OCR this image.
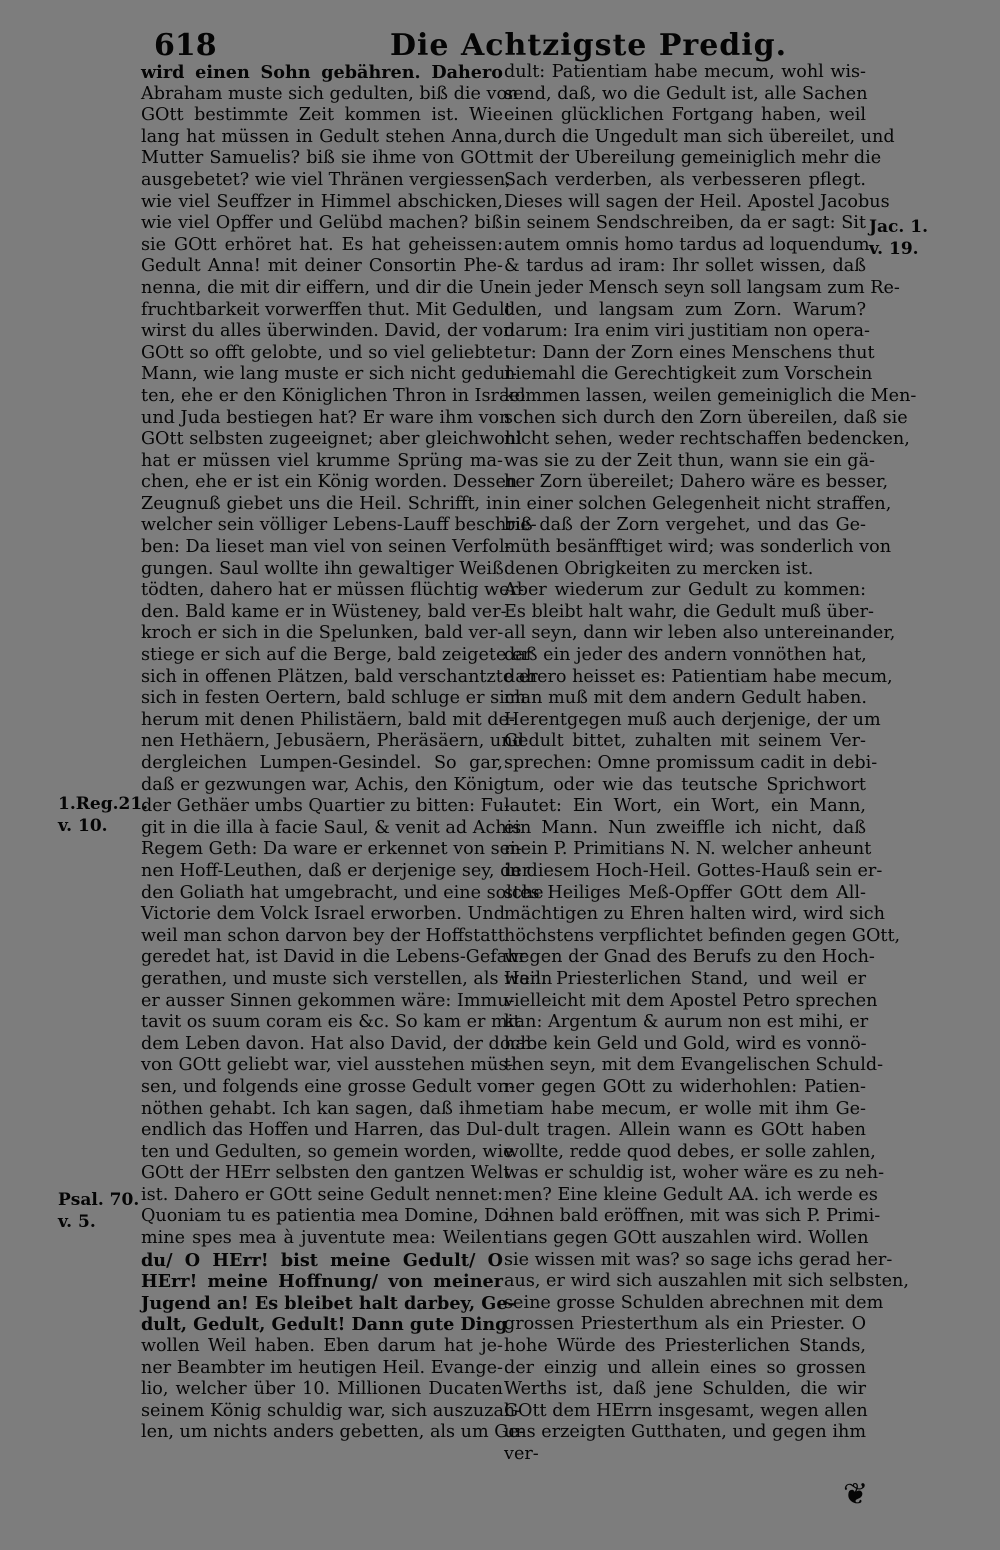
618	Die Achtzigste Predig.
wird einen Sohn gebähren. Dahero
Abraham muste sich gedulten, biß die von
GOtt bestimmte Zeit kommen ist. Wie
lang hat müssen in Gedult stehen Anna,
Mutter Samuelis? biß sie ihme von GOtt
ausgebetet? wie viel Thränen vergiessen,
wie viel Seuffzer in Himmel abschicken,
wie viel Opffer und Gelübd machen? biß
sie GOtt erhöret hat. Es hat geheissen:
Gedult Anna! mit deiner Consortin Phe-
nenna, die mit dir eiffern, und dir die Un-
fruchtbarkeit vorwerffen thut. Mit Gedult
wirst du alles überwinden. David, der von
GOtt so offt gelobte, und so viel geliebte
Mann, wie lang muste er sich nicht gedul-
ten, ehe er den Königlichen Thron in Israel
und Juda bestiegen hat? Er ware ihm von
GOtt selbsten zugeeignet; aber gleichwohl
hat er müssen viel krumme Sprüng ma-
chen, ehe er ist ein König worden. Dessen
Zeugnuß giebet uns die Heil. Schrifft, in
welcher sein völliger Lebens-Lauff beschrie-
ben: Da lieset man viel von seinen Verfol-
gungen. Saul wollte ihn gewaltiger Weiß
tödten, dahero hat er müssen flüchtig wer-
den. Bald kame er in Wüsteney, bald ver-
kroch er sich in die Spelunken, bald ver-
stiege er sich auf die Berge, bald zeigete er
sich in offenen Plätzen, bald verschantzte er
sich in festen Oertern, bald schluge er sich
herum mit denen Philistäern, bald mit de-
nen Hethäern, Jebusäern, Pheräsäern, und
dergleichen Lumpen-Gesindel. So gar,
daß er gezwungen war, Achis, den König
der Gethäer umbs Quartier zu bitten: Fu-
git in die illa à facie Saul, & venit ad Achis
Regem Geth: Da ware er erkennet von sei-
nen Hoff-Leuthen, daß er derjenige sey, der
den Goliath hat umgebracht, und eine solche
Victorie dem Volck Israel erworben. Und
weil man schon darvon bey der Hoffstatt
geredet hat, ist David in die Lebens-Gefahr
gerathen, und muste sich verstellen, als wann
er ausser Sinnen gekommen wäre: Immu-
tavit os suum coram eis &c. So kam er mit
dem Leben davon. Hat also David, der doch
von GOtt geliebt war, viel ausstehen müs-
sen, und folgends eine grosse Gedult von-
nöthen gehabt. Ich kan sagen, daß ihme
endlich das Hoffen und Harren, das Dul-
ten und Gedulten, so gemein worden, wie
GOtt der HErr selbsten den gantzen Welt
ist. Dahero er GOtt seine Gedult nennet:
Quoniam tu es patientia mea Domine, Do-
mine spes mea à juventute mea: Weilen
du/ O HErr! bist meine Gedult/ O
HErr! meine Hoffnung/ von meiner
Jugend an! Es bleibet halt darbey, Ge-
dult, Gedult, Gedult! Dann gute Ding
wollen Weil haben. Eben darum hat je-
ner Beambter im heutigen Heil. Evange-
lio, welcher über 10. Millionen Ducaten
seinem König schuldig war, sich auszuzah-
len, um nichts anders gebetten, als um Ge-
dult: Patientiam habe mecum, wohl wis-
send, daß, wo die Gedult ist, alle Sachen
einen glücklichen Fortgang haben, weil
durch die Ungedult man sich übereilet, und
mit der Ubereilung gemeiniglich mehr die
Sach verderben, als verbesseren pflegt.
Dieses will sagen der Heil. Apostel Jacobus
in seinem Sendschreiben, da er sagt: Sit
autem omnis homo tardus ad loquendum
& tardus ad iram: Ihr sollet wissen, daß
ein jeder Mensch seyn soll langsam zum Re-
den, und langsam zum Zorn. Warum?
darum: Ira enim viri justitiam non opera-
tur: Dann der Zorn eines Menschens thut
niemahl die Gerechtigkeit zum Vorschein
kommen lassen, weilen gemeiniglich die Men-
schen sich durch den Zorn übereilen, daß sie
nicht sehen, weder rechtschaffen bedencken,
was sie zu der Zeit thun, wann sie ein gä-
her Zorn übereilet; Dahero wäre es besser,
in einer solchen Gelegenheit nicht straffen,
biß daß der Zorn vergehet, und das Ge-
müth besänfftiget wird; was sonderlich von
denen Obrigkeiten zu mercken ist.
Aber wiederum zur Gedult zu kommen:
Es bleibt halt wahr, die Gedult muß über-
all seyn, dann wir leben also untereinander,
daß ein jeder des andern vonnöthen hat,
dahero heisset es: Patientiam habe mecum,
man muß mit dem andern Gedult haben.
Herentgegen muß auch derjenige, der um
Gedult bittet, zuhalten mit seinem Ver-
sprechen: Omne promissum cadit in debi-
tum, oder wie das teutsche Sprichwort
lautet: Ein Wort, ein Wort, ein Mann,
ein Mann. Nun zweiffle ich nicht, daß
mein P. Primitians N. N. welcher anheunt
in diesem Hoch-Heil. Gottes-Hauß sein er-
stes Heiliges Meß-Opffer GOtt dem All-
mächtigen zu Ehren halten wird, wird sich
höchstens verpflichtet befinden gegen GOtt,
wegen der Gnad des Berufs zu den Hoch-
Heil. Priesterlichen Stand, und weil er
vielleicht mit dem Apostel Petro sprechen
kan: Argentum & aurum non est mihi, er
habe kein Geld und Gold, wird es vonnö-
then seyn, mit dem Evangelischen Schuld-
ner gegen GOtt zu widerhohlen: Patien-
tiam habe mecum, er wolle mit ihm Ge-
dult tragen. Allein wann es GOtt haben
wollte, redde quod debes, er solle zahlen,
was er schuldig ist, woher wäre es zu neh-
men? Eine kleine Gedult AA. ich werde es
ihnen bald eröffnen, mit was sich P. Primi-
tians gegen GOtt auszahlen wird. Wollen
sie wissen mit was? so sage ichs gerad her-
aus, er wird sich auszahlen mit sich selbsten,
seine grosse Schulden abrechnen mit dem
grossen Priesterthum als ein Priester. O
hohe Würde des Priesterlichen Stands,
der einzig und allein eines so grossen
Werths ist, daß jene Schulden, die wir
GOtt dem HErrn insgesamt, wegen allen
uns erzeigten Gutthaten, und gegen ihm
ver-
1.Reg.21.
v. 10.
Psal. 70.
v. 5.
Jac. 1.
v. 19.
❦
